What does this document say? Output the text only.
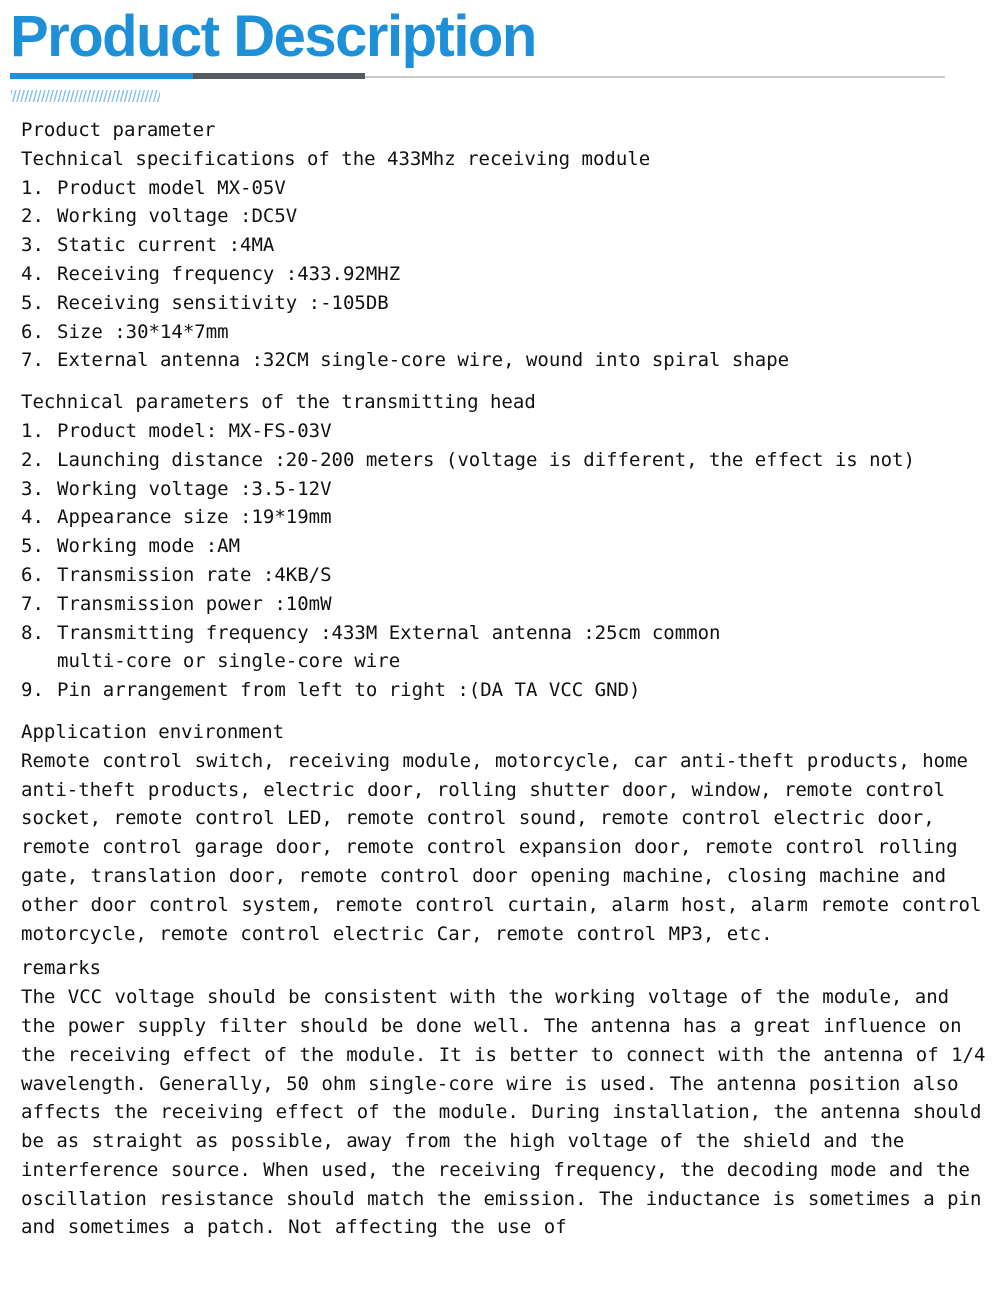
Product Description
Product parameter
Technical specifications of the 433Mhz receiving module
1. Product model MX-05V
2. Working voltage :DC5V
3. Static current :4MA
4. Receiving frequency :433.92MHZ
5. Receiving sensitivity :-105DB
6. Size :30*14*7mm
7. External antenna :32CM single-core wire, wound into spiral shape
Technical parameters of the transmitting head
1. Product model: MX-FS-03V
2. Launching distance :20-200 meters (voltage is different, the effect is not)
3. Working voltage :3.5-12V
4. Appearance size :19*19mm
5. Working mode :AM
6. Transmission rate :4KB/S
7. Transmission power :10mW
8. Transmitting frequency :433M External antenna :25cm common multi-core or single-core wire
9. Pin arrangement from left to right :(DA TA VCC GND)
Application environment

Remote control switch, receiving module, motorcycle, car anti-theft products, home anti-theft products, electric door, rolling shutter door, window, remote control socket, remote control LED, remote control sound, remote control electric door, remote control garage door, remote control expansion door, remote control rolling gate, translation door, remote control door opening machine, closing machine and other door control system, remote control curtain, alarm host, alarm remote control motorcycle, remote control electric Car, remote control MP3, etc.

remarks

The VCC voltage should be consistent with the working voltage of the module, and the power supply filter should be done well. The antenna has a great influence on the receiving effect of the module. It is better to connect with the antenna of 1/4 wavelength. Generally, 50 ohm single-core wire is used. The antenna position also affects the receiving effect of the module. During installation, the antenna should be as straight as possible, away from the high voltage of the shield and the interference source. When used, the receiving frequency, the decoding mode and the oscillation resistance should match the emission. The inductance is sometimes a pin and sometimes a patch. Not affecting the use of
